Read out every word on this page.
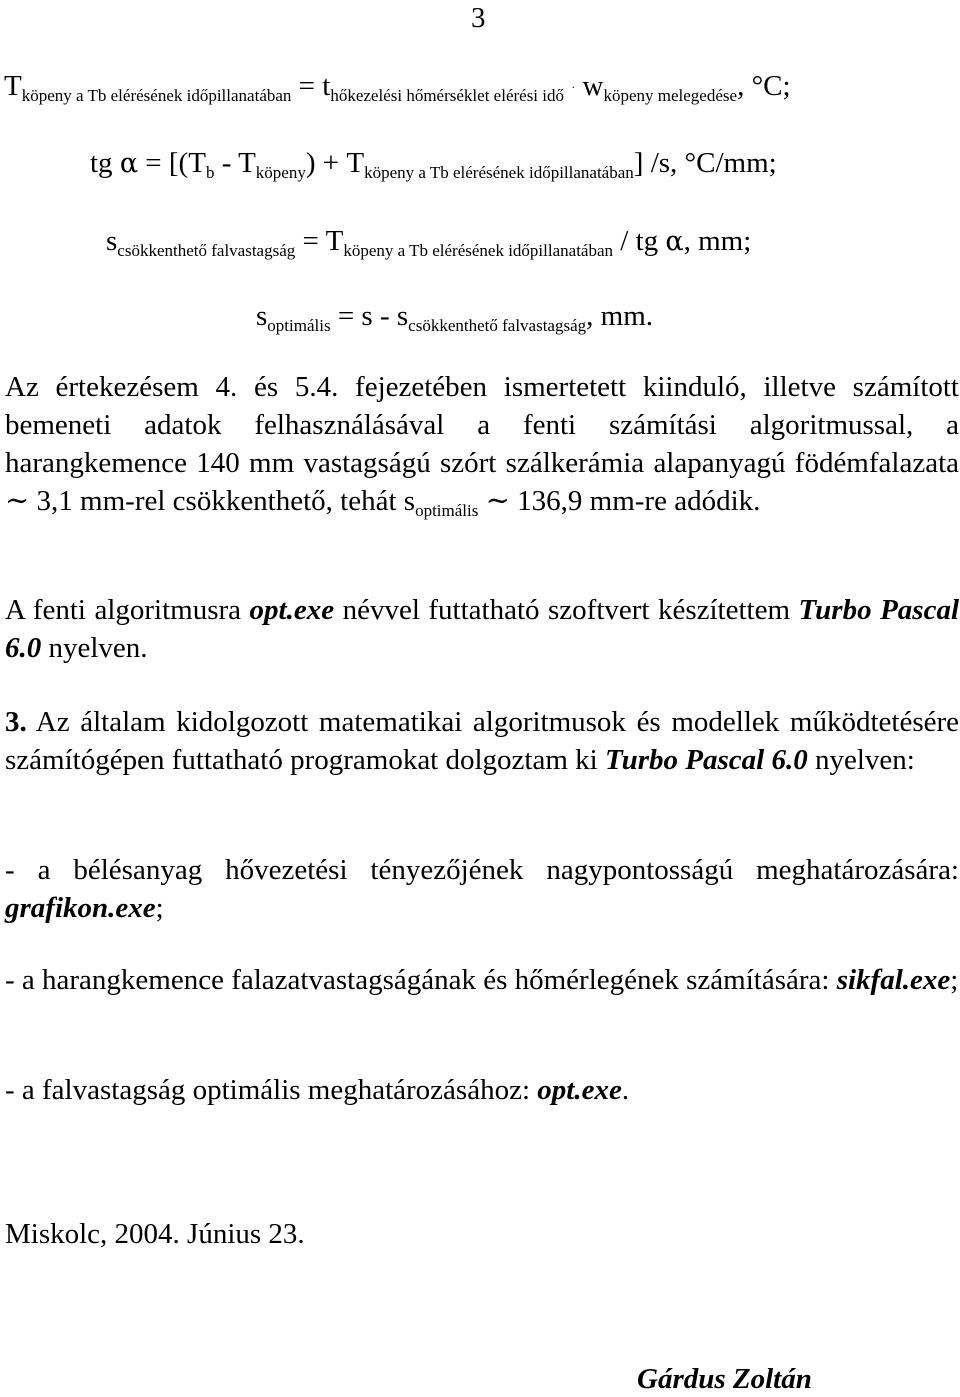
3
$T_{köpeny a Tb elérésének időpillanatában} = t_{hőkezelési hőmérséklet elérési idő} \cdot w_{köpeny melegedése}$, °C;
tg $\alpha = [(T_b - T_{köpeny}) + T_{köpeny a Tb elérésének időpillanatában}]$ /s, °C/mm;
$s_{csökkenthető falvastagság} = T_{köpeny a Tb elérésének időpillanatában}$ / tg α, mm;
$s_{optimális} = s - s_{csökkenthető falvastagság}$, mm.
Az értekezésem 4. és 5.4. fejezetében ismertetett kiinduló, illetve számított bemeneti adatok felhasználásával a fenti számítási algoritmussal, a harangkemence 140 mm vastagságú szórt szálkerámia alapanyagú födémfalazata ∼ 3,1 mm-rel csökkenthető, tehát $s_{optimális}$ ∼ 136,9 mm-re adódik.
A fenti algoritmusra opt.exe névvel futtatható szoftvert készítettem Turbo Pascal 6.0 nyelven.
3. Az általam kidolgozott matematikai algoritmusok és modellek működtetésére számítógépen futtatható programokat dolgoztam ki Turbo Pascal 6.0 nyelven:
- a bélésanyag hővezetési tényezőjének nagypontosságú meghatározására: grafikon.exe;
- a harangkemence falazatvastagságának és hőmérlegének számítására: sikfal.exe;
- a falvastagság optimális meghatározásához: opt.exe.
Miskolc, 2004. Június 23.
Gárdus Zoltán
